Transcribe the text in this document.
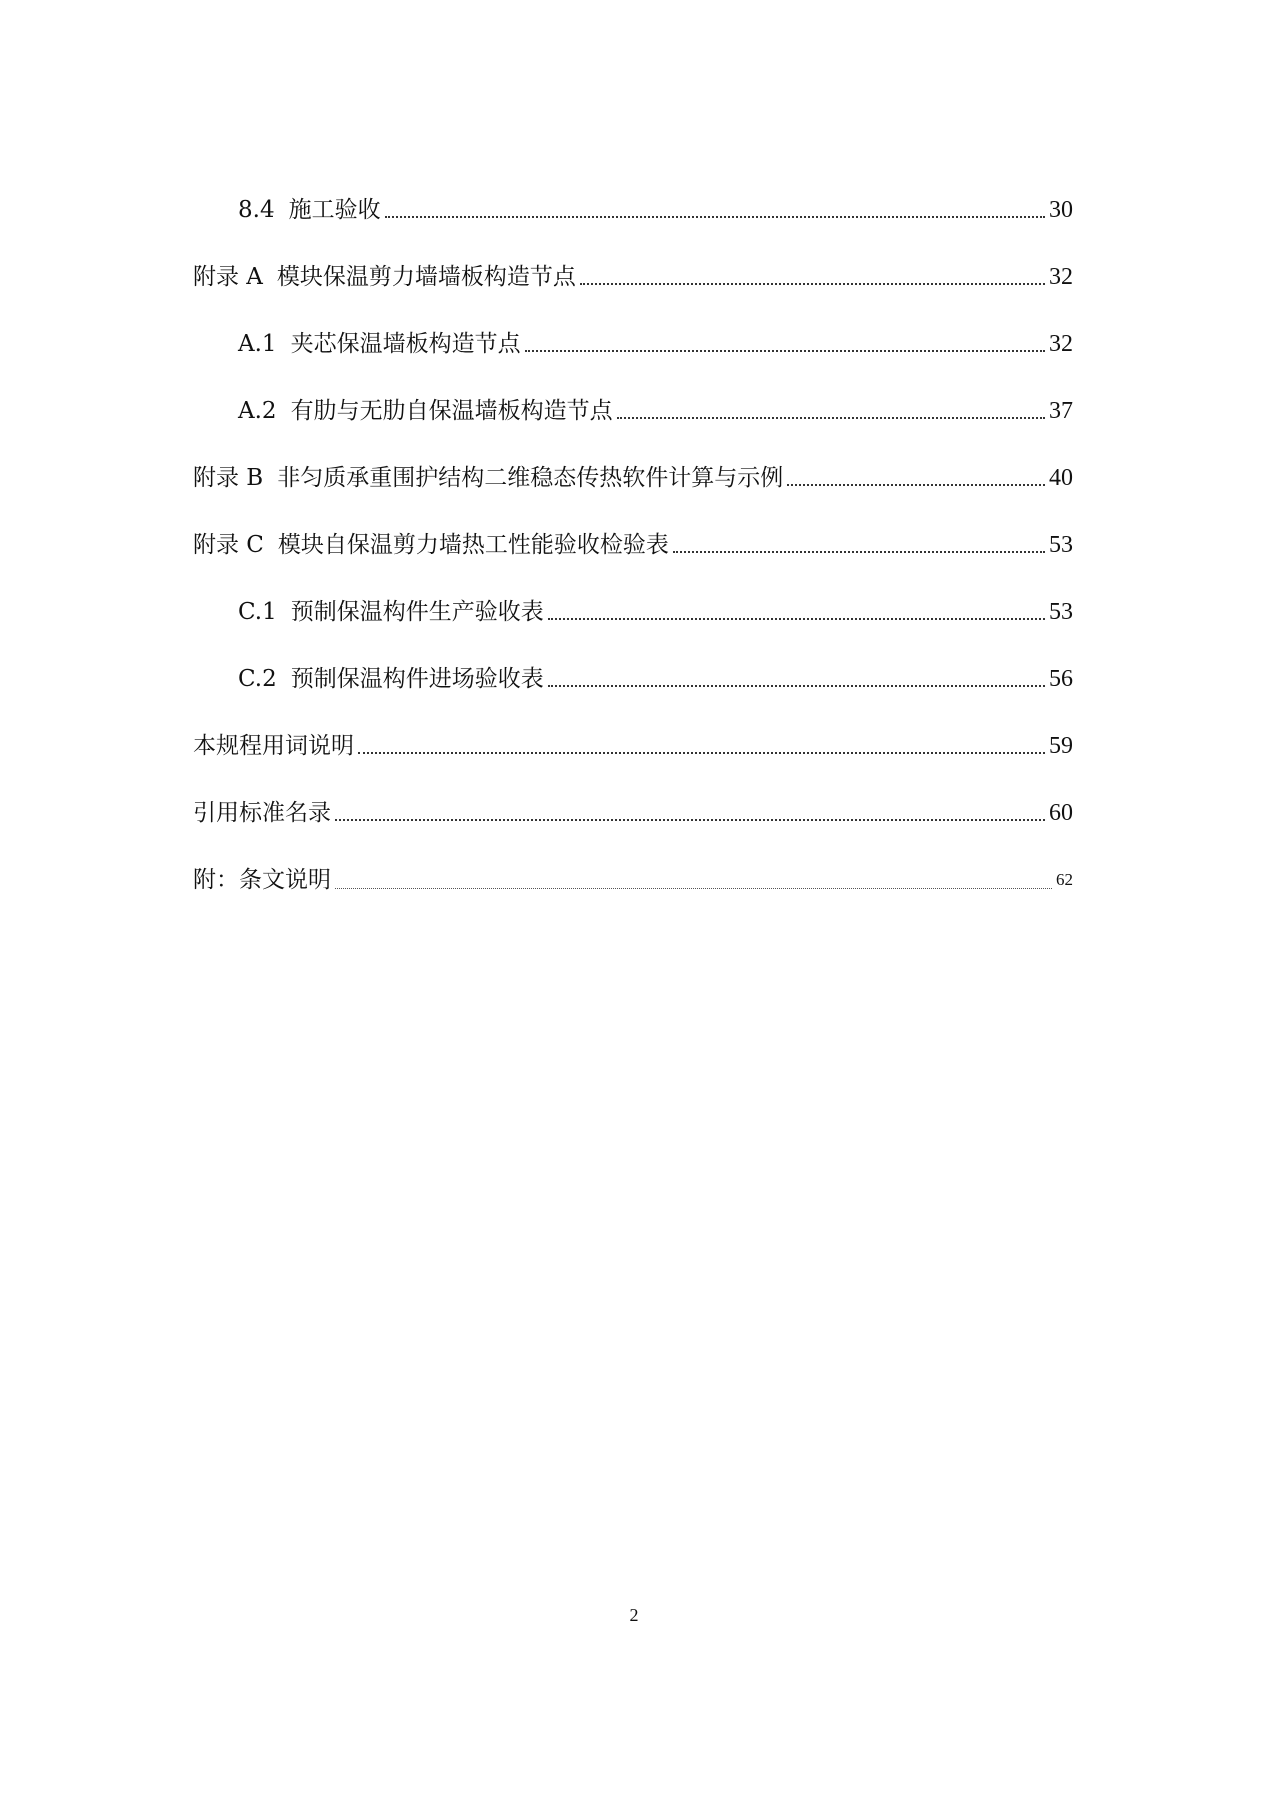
8.4 施工验收	30
附录 A 模块保温剪力墙墙板构造节点	32
A.1 夹芯保温墙板构造节点	32
A.2 有肋与无肋自保温墙板构造节点	37
附录 B 非匀质承重围护结构二维稳态传热软件计算与示例	40
附录 C 模块自保温剪力墙热工性能验收检验表	53
C.1 预制保温构件生产验收表	53
C.2 预制保温构件进场验收表	56
本规程用词说明	59
引用标准名录	60
附：条文说明	62
2
